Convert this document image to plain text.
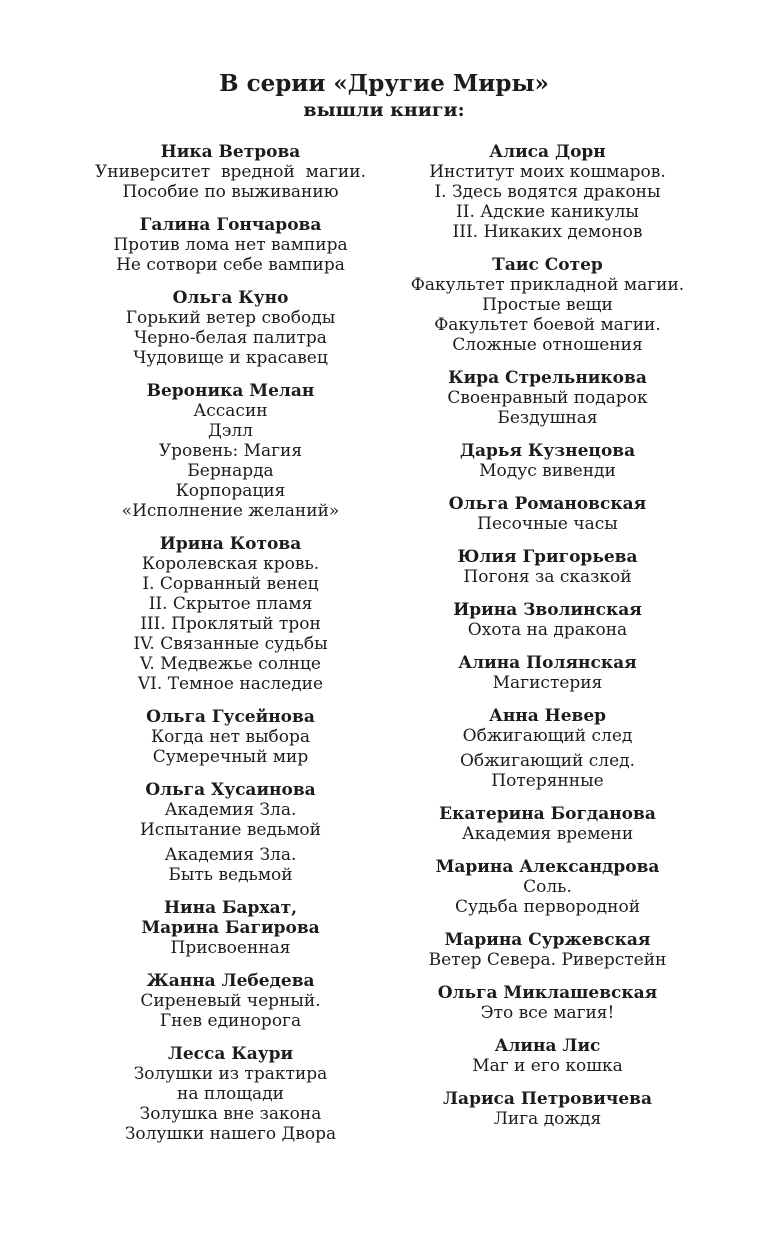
В серии «Другие Миры»
вышли книги:
Ника Ветрова
Университет  вредной  магии.
Пособие по выживанию
Галина Гончарова
Против лома нет вампира
Не сотвори себе вампира
Ольга Куно
Горький ветер свободы
Черно-белая палитра
Чудовище и красавец
Вероника Мелан
Ассасин
Дэлл
Уровень: Магия
Бернарда
Корпорация
«Исполнение желаний»
Ирина Котова
Королевская кровь.
I. Сорванный венец
II. Скрытое пламя
III. Проклятый трон
IV. Связанные судьбы
V. Медвежье солнце
VI. Темное наследие
Ольга Гусейнова
Когда нет выбора
Сумеречный мир
Ольга Хусаинова
Академия Зла.
Испытание ведьмой
Академия Зла.
Быть ведьмой
Нина Бархат,
Марина Багирова
Присвоенная
Жанна Лебедева
Сиреневый черный.
Гнев единорога
Лесса Каури
Золушки из трактира
на площади
Золушка вне закона
Золушки нашего Двора
Алиса Дорн
Институт моих кошмаров.
I. Здесь водятся драконы
II. Адские каникулы
III. Никаких демонов
Таис Сотер
Факультет прикладной магии.
Простые вещи
Факультет боевой магии.
Сложные отношения
Кира Стрельникова
Своенравный подарок
Бездушная
Дарья Кузнецова
Модус вивенди
Ольга Романовская
Песочные часы
Юлия Григорьева
Погоня за сказкой
Ирина Зволинская
Охота на дракона
Алина Полянская
Магистерия
Анна Невер
Обжигающий след
Обжигающий след.
Потерянные
Екатерина Богданова
Академия времени
Марина Александрова
Соль.
Судьба первородной
Марина Суржевская
Ветер Севера. Риверстейн
Ольга Миклашевская
Это все магия!
Алина Лис
Маг и его кошка
Лариса Петровичева
Лига дождя
